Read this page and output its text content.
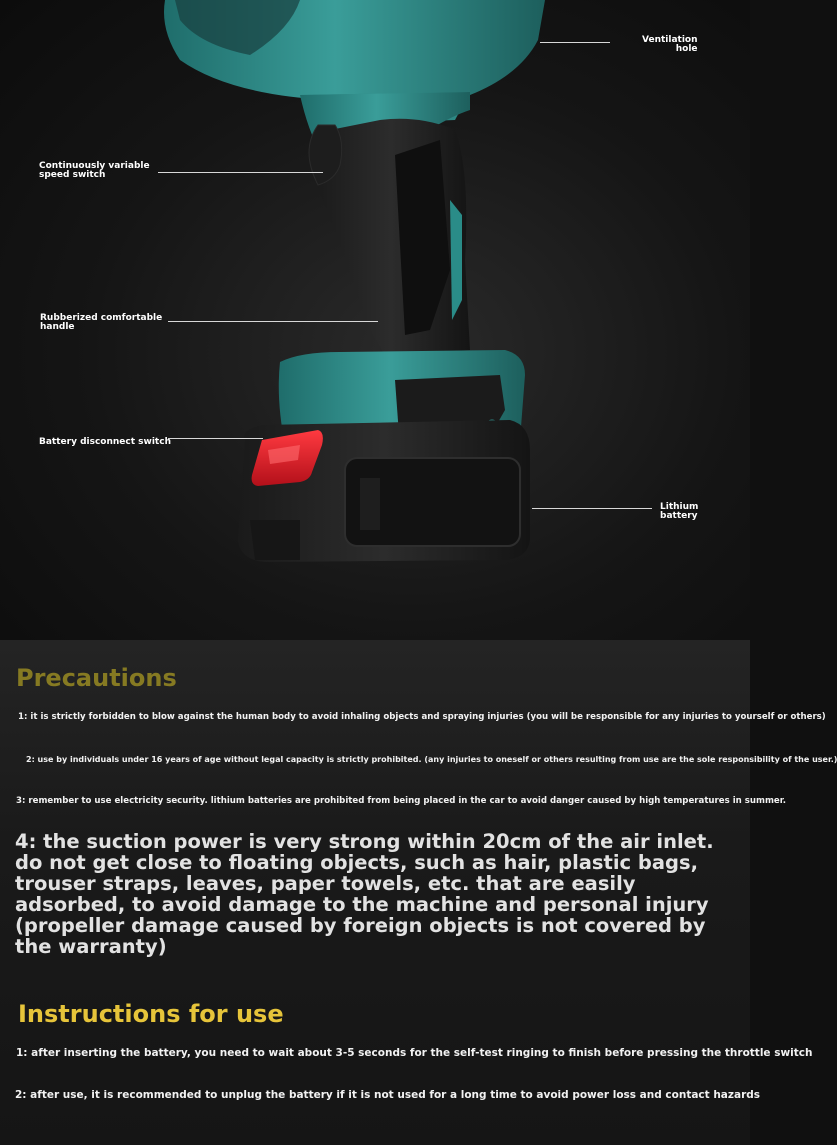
Ventilation
hole
Continuously variable
speed switch
Rubberized comfortable
handle
Battery disconnect switch
Lithium
battery
Precautions
1: it is strictly forbidden to blow against the human body to avoid inhaling objects and spraying injuries (you will be responsible for any injuries to yourself or others)
2: use by individuals under 16 years of age without legal capacity is strictly prohibited. (any injuries to oneself or others resulting from use are the sole responsibility of the user.)
3: remember to use electricity security. lithium batteries are prohibited from being placed in the car to avoid danger caused by high temperatures in summer.
4: the suction power is very strong within 20cm of the air inlet. do not get close to floating objects, such as hair, plastic bags, trouser straps, leaves, paper towels, etc. that are easily adsorbed, to avoid damage to the machine and personal injury (propeller damage caused by foreign objects is not covered by the warranty)
Instructions for use
1: after inserting the battery, you need to wait about 3-5 seconds for the self-test ringing to finish before pressing the throttle switch
2: after use, it is recommended to unplug the battery if it is not used for a long time to avoid power loss and contact hazards
